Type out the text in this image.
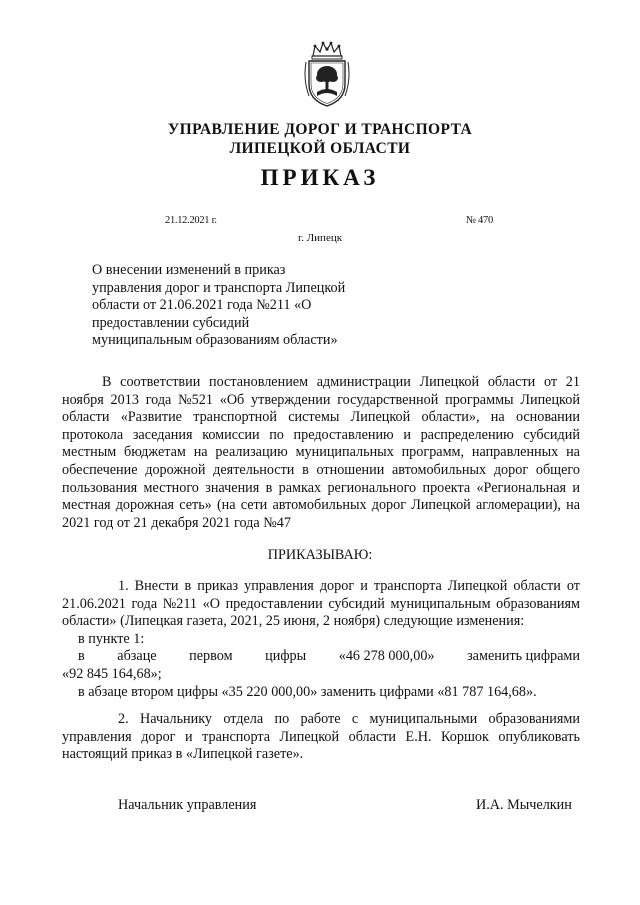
УПРАВЛЕНИЕ ДОРОГ И ТРАНСПОРТА
ЛИПЕЦКОЙ ОБЛАСТИ
ПРИКАЗ
21.12.2021 г.	№ 470
г. Липецк
О внесении изменений в приказ
управления дорог и транспорта Липецкой
области от 21.06.2021 года №211 «О
предоставлении субсидий
муниципальным образованиям области»
В соответствии постановлением администрации Липецкой области от 21
ноября 2013 года №521 «Об утверждении государственной программы Липецкой
области «Развитие транспортной системы Липецкой области», на основании
протокола заседания комиссии по предоставлению и распределению субсидий
местным бюджетам на реализацию муниципальных программ, направленных на
обеспечение дорожной деятельности в отношении автомобильных дорог общего
пользования местного значения в рамках регионального проекта «Региональная и
местная дорожная сеть» (на сети автомобильных дорог Липецкой агломерации), на
2021 год от 21 декабря 2021 года №47
ПРИКАЗЫВАЮ:
1. Внести в приказ управления дорог и транспорта Липецкой области от
21.06.2021 года №211 «О предоставлении субсидий муниципальным образованиям
области» (Липецкая газета, 2021, 25 июня, 2 ноября) следующие изменения:
в пункте 1:
в абзаце первом цифры «46 278 000,00» заменить цифрами
«92 845 164,68»;
в абзаце втором цифры «35 220 000,00» заменить цифрами «81 787 164,68».
2. Начальнику отдела по работе с муниципальными образованиями
управления дорог и транспорта Липецкой области Е.Н. Коршок опубликовать
настоящий приказ в «Липецкой газете».
Начальник управления	И.А. Мычелкин
